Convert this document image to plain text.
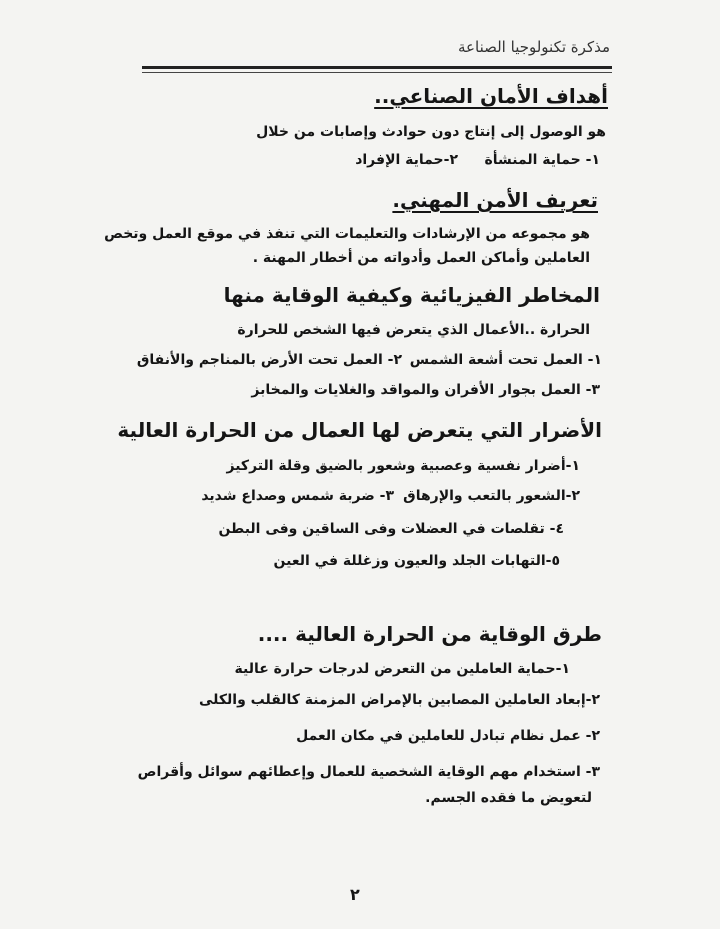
مذكرة تكنولوجيا الصناعة
أهداف الأمان الصناعي..
هو الوصول إلى إنتاج دون حوادث وإصابات من خلال
١- حماية المنشأة
٢-حماية الإفراد
تعريف الأمن المهني.
هو مجموعه من الإرشادات والتعليمات التي تنفذ في موقع العمل وتخص
العاملين وأماكن العمل وأدواته من أخطار المهنة .
المخاطر الفيزيائية وكيفية الوقاية منها
الحرارة ..الأعمال الذي يتعرض فيها الشخص للحرارة
١- العمل تحت أشعة الشمس
٢- العمل تحت الأرض بالمناجم والأنفاق
٣- العمل بجوار الأفران والمواقد والغلايات والمخابز
الأضرار التي يتعرض لها العمال من الحرارة العالية
١-أضرار نفسية وعصبية وشعور بالضيق وقلة التركيز
٢-الشعور بالتعب والإرهاق
٣- ضربة شمس وصداع شديد
٤- تقلصات في العضلات وفى الساقين وفى البطن
٥-التهابات الجلد والعيون وزغللة في العين
طرق الوقاية من الحرارة العالية ....
١-حماية العاملين من التعرض لدرجات حرارة عالية
٢-إبعاد العاملين المصابين بالإمراض المزمنة كالقلب والكلى
٢- عمل نظام تبادل للعاملين في مكان العمل
٣- استخدام مهم الوقاية الشخصية للعمال وإعطائهم سوائل وأقراص
لتعويض ما فقده الجسم.
٢
